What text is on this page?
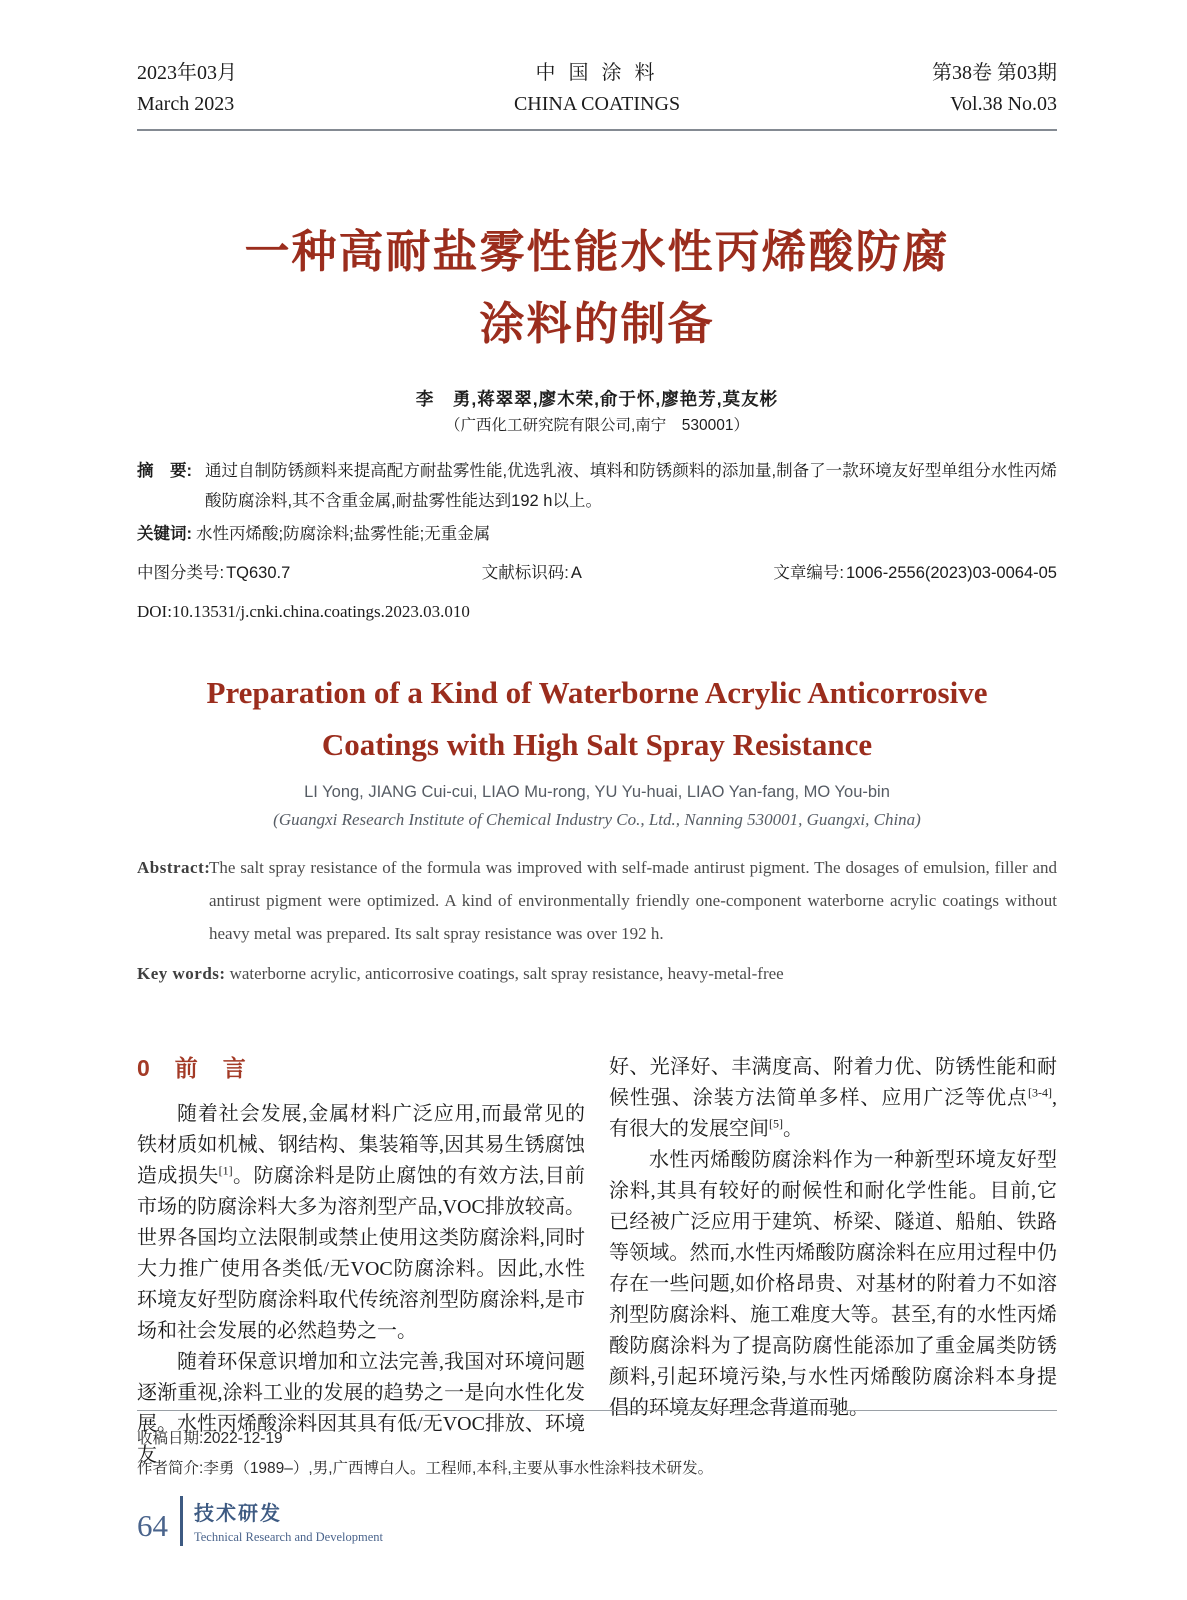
2023年03月
March 2023
中 国 涂 料
CHINA COATINGS
第38卷 第03期
Vol.38 No.03
一种高耐盐雾性能水性丙烯酸防腐
涂料的制备
李　勇,蒋翠翠,廖木荣,俞于怀,廖艳芳,莫友彬
（广西化工研究院有限公司,南宁　530001）
摘　要: 通过自制防锈颜料来提高配方耐盐雾性能,优选乳液、填料和防锈颜料的添加量,制备了一款环境友好型单组分水性丙烯酸防腐涂料,其不含重金属,耐盐雾性能达到192 h以上。
关键词: 水性丙烯酸;防腐涂料;盐雾性能;无重金属
中图分类号: TQ630.7	文献标识码: A	文章编号: 1006-2556(2023)03-0064-05
DOI:10.13531/j.cnki.china.coatings.2023.03.010
Preparation of a Kind of Waterborne Acrylic Anticorrosive
Coatings with High Salt Spray Resistance
LI Yong, JIANG Cui-cui, LIAO Mu-rong, YU Yu-huai, LIAO Yan-fang, MO You-bin
(Guangxi Research Institute of Chemical Industry Co., Ltd., Nanning 530001, Guangxi, China)
Abstract:The salt spray resistance of the formula was improved with self-made antirust pigment. The dosages of emulsion, filler and antirust pigment were optimized. A kind of environmentally friendly one-component waterborne acrylic coatings without heavy metal was prepared. Its salt spray resistance was over 192 h.
Key words: waterborne acrylic, anticorrosive coatings, salt spray resistance, heavy-metal-free
0　前　言

随着社会发展,金属材料广泛应用,而最常见的铁材质如机械、钢结构、集装箱等,因其易生锈腐蚀造成损失[1]。防腐涂料是防止腐蚀的有效方法,目前市场的防腐涂料大多为溶剂型产品,VOC排放较高。世界各国均立法限制或禁止使用这类防腐涂料,同时大力推广使用各类低/无VOC防腐涂料。因此,水性环境友好型防腐涂料取代传统溶剂型防腐涂料,是市场和社会发展的必然趋势之一。

随着环保意识增加和立法完善,我国对环境问题逐渐重视,涂料工业的发展的趋势之一是向水性化发展。水性丙烯酸涂料因其具有低/无VOC排放、环境友

好、光泽好、丰满度高、附着力优、防锈性能和耐候性强、涂装方法简单多样、应用广泛等优点[3-4],有很大的发展空间[5]。

水性丙烯酸防腐涂料作为一种新型环境友好型涂料,其具有较好的耐候性和耐化学性能。目前,它已经被广泛应用于建筑、桥梁、隧道、船舶、铁路等领域。然而,水性丙烯酸防腐涂料在应用过程中仍存在一些问题,如价格昂贵、对基材的附着力不如溶剂型防腐涂料、施工难度大等。甚至,有的水性丙烯酸防腐涂料为了提高防腐性能添加了重金属类防锈颜料,引起环境污染,与水性丙烯酸防腐涂料本身提倡的环境友好理念背道而驰。

收稿日期:2022-12-19
作者简介:李勇（1989–）,男,广西博白人。工程师,本科,主要从事水性涂料技术研发。
64 技术研发
Technical Research and Development
